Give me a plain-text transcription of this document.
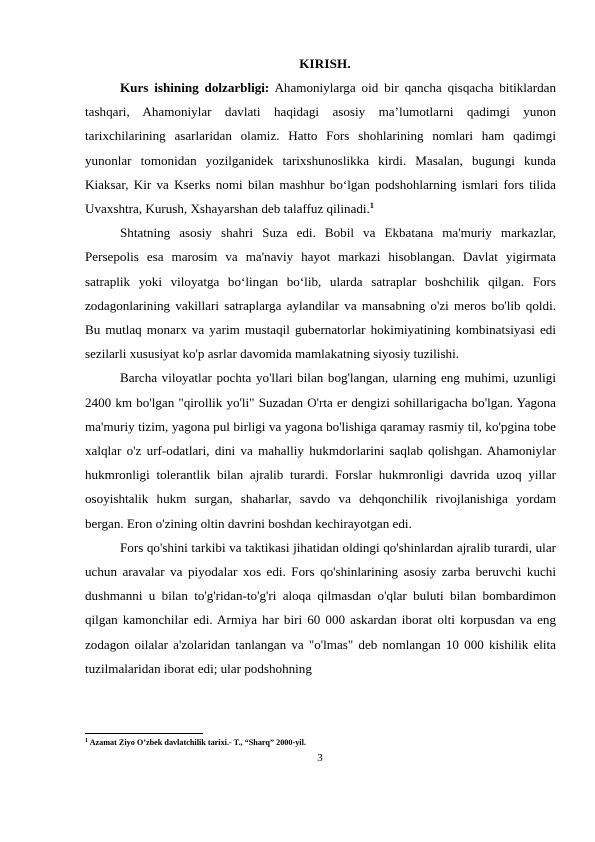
KIRISH.

Kurs ishining dolzarbligi: Ahamoniylarga oid bir qancha qisqacha bitiklardan tashqari, Ahamoniylar davlati haqidagi asosiy ma’lumotlarni qadimgi yunon tarixchilarining asarlaridan olamiz. Hatto Fors shohlarining nomlari ham qadimgi yunonlar tomonidan yozilganidek tarixshunoslikka kirdi. Masalan, bugungi kunda Kiaksar, Kir va Kserks nomi bilan mashhur bo‘lgan podshohlarning ismlari fors tilida Uvaxshtra, Kurush, Xshayarshan deb talaffuz qilinadi.$^1$

Shtatning asosiy shahri Suza edi. Bobil va Ekbatana ma'muriy markazlar, Persepolis esa marosim va ma'naviy hayot markazi hisoblangan. Davlat yigirmata satraplik yoki viloyatga bo‘lingan bo‘lib, ularda satraplar boshchilik qilgan. Fors zodagonlarining vakillari satraplarga aylandilar va mansabning o'zi meros bo'lib qoldi. Bu mutlaq monarx va yarim mustaqil gubernatorlar hokimiyatining kombinatsiyasi edi sezilarli xususiyat ko'p asrlar davomida mamlakatning siyosiy tuzilishi.

Barcha viloyatlar pochta yo'llari bilan bog'langan, ularning eng muhimi, uzunligi 2400 km bo'lgan "qirollik yo'li" Suzadan O'rta er dengizi sohillarigacha bo'lgan. Yagona ma'muriy tizim, yagona pul birligi va yagona bo'lishiga qaramay rasmiy til, ko'pgina tobe xalqlar o'z urf-odatlari, dini va mahalliy hukmdorlarini saqlab qolishgan. Ahamoniylar hukmronligi tolerantlik bilan ajralib turardi. Forslar hukmronligi davrida uzoq yillar osoyishtalik hukm surgan, shaharlar, savdo va dehqonchilik rivojlanishiga yordam bergan. Eron o'zining oltin davrini boshdan kechirayotgan edi.

Fors qo'shini tarkibi va taktikasi jihatidan oldingi qo'shinlardan ajralib turardi, ular uchun aravalar va piyodalar xos edi. Fors qo'shinlarining asosiy zarba beruvchi kuchi dushmanni u bilan to'g'ridan-to'g'ri aloqa qilmasdan o'qlar buluti bilan bombardimon qilgan kamonchilar edi. Armiya har biri 60 000 askardan iborat olti korpusdan va eng zodagon oilalar a'zolaridan tanlangan va "o'lmas" deb nomlangan 10 000 kishilik elita tuzilmalaridan iborat edi; ular podshohning

$^1$ Azamat Ziyo O’zbek davlatchilik tarixi.- T., “Sharq” 2000-yil.
3
